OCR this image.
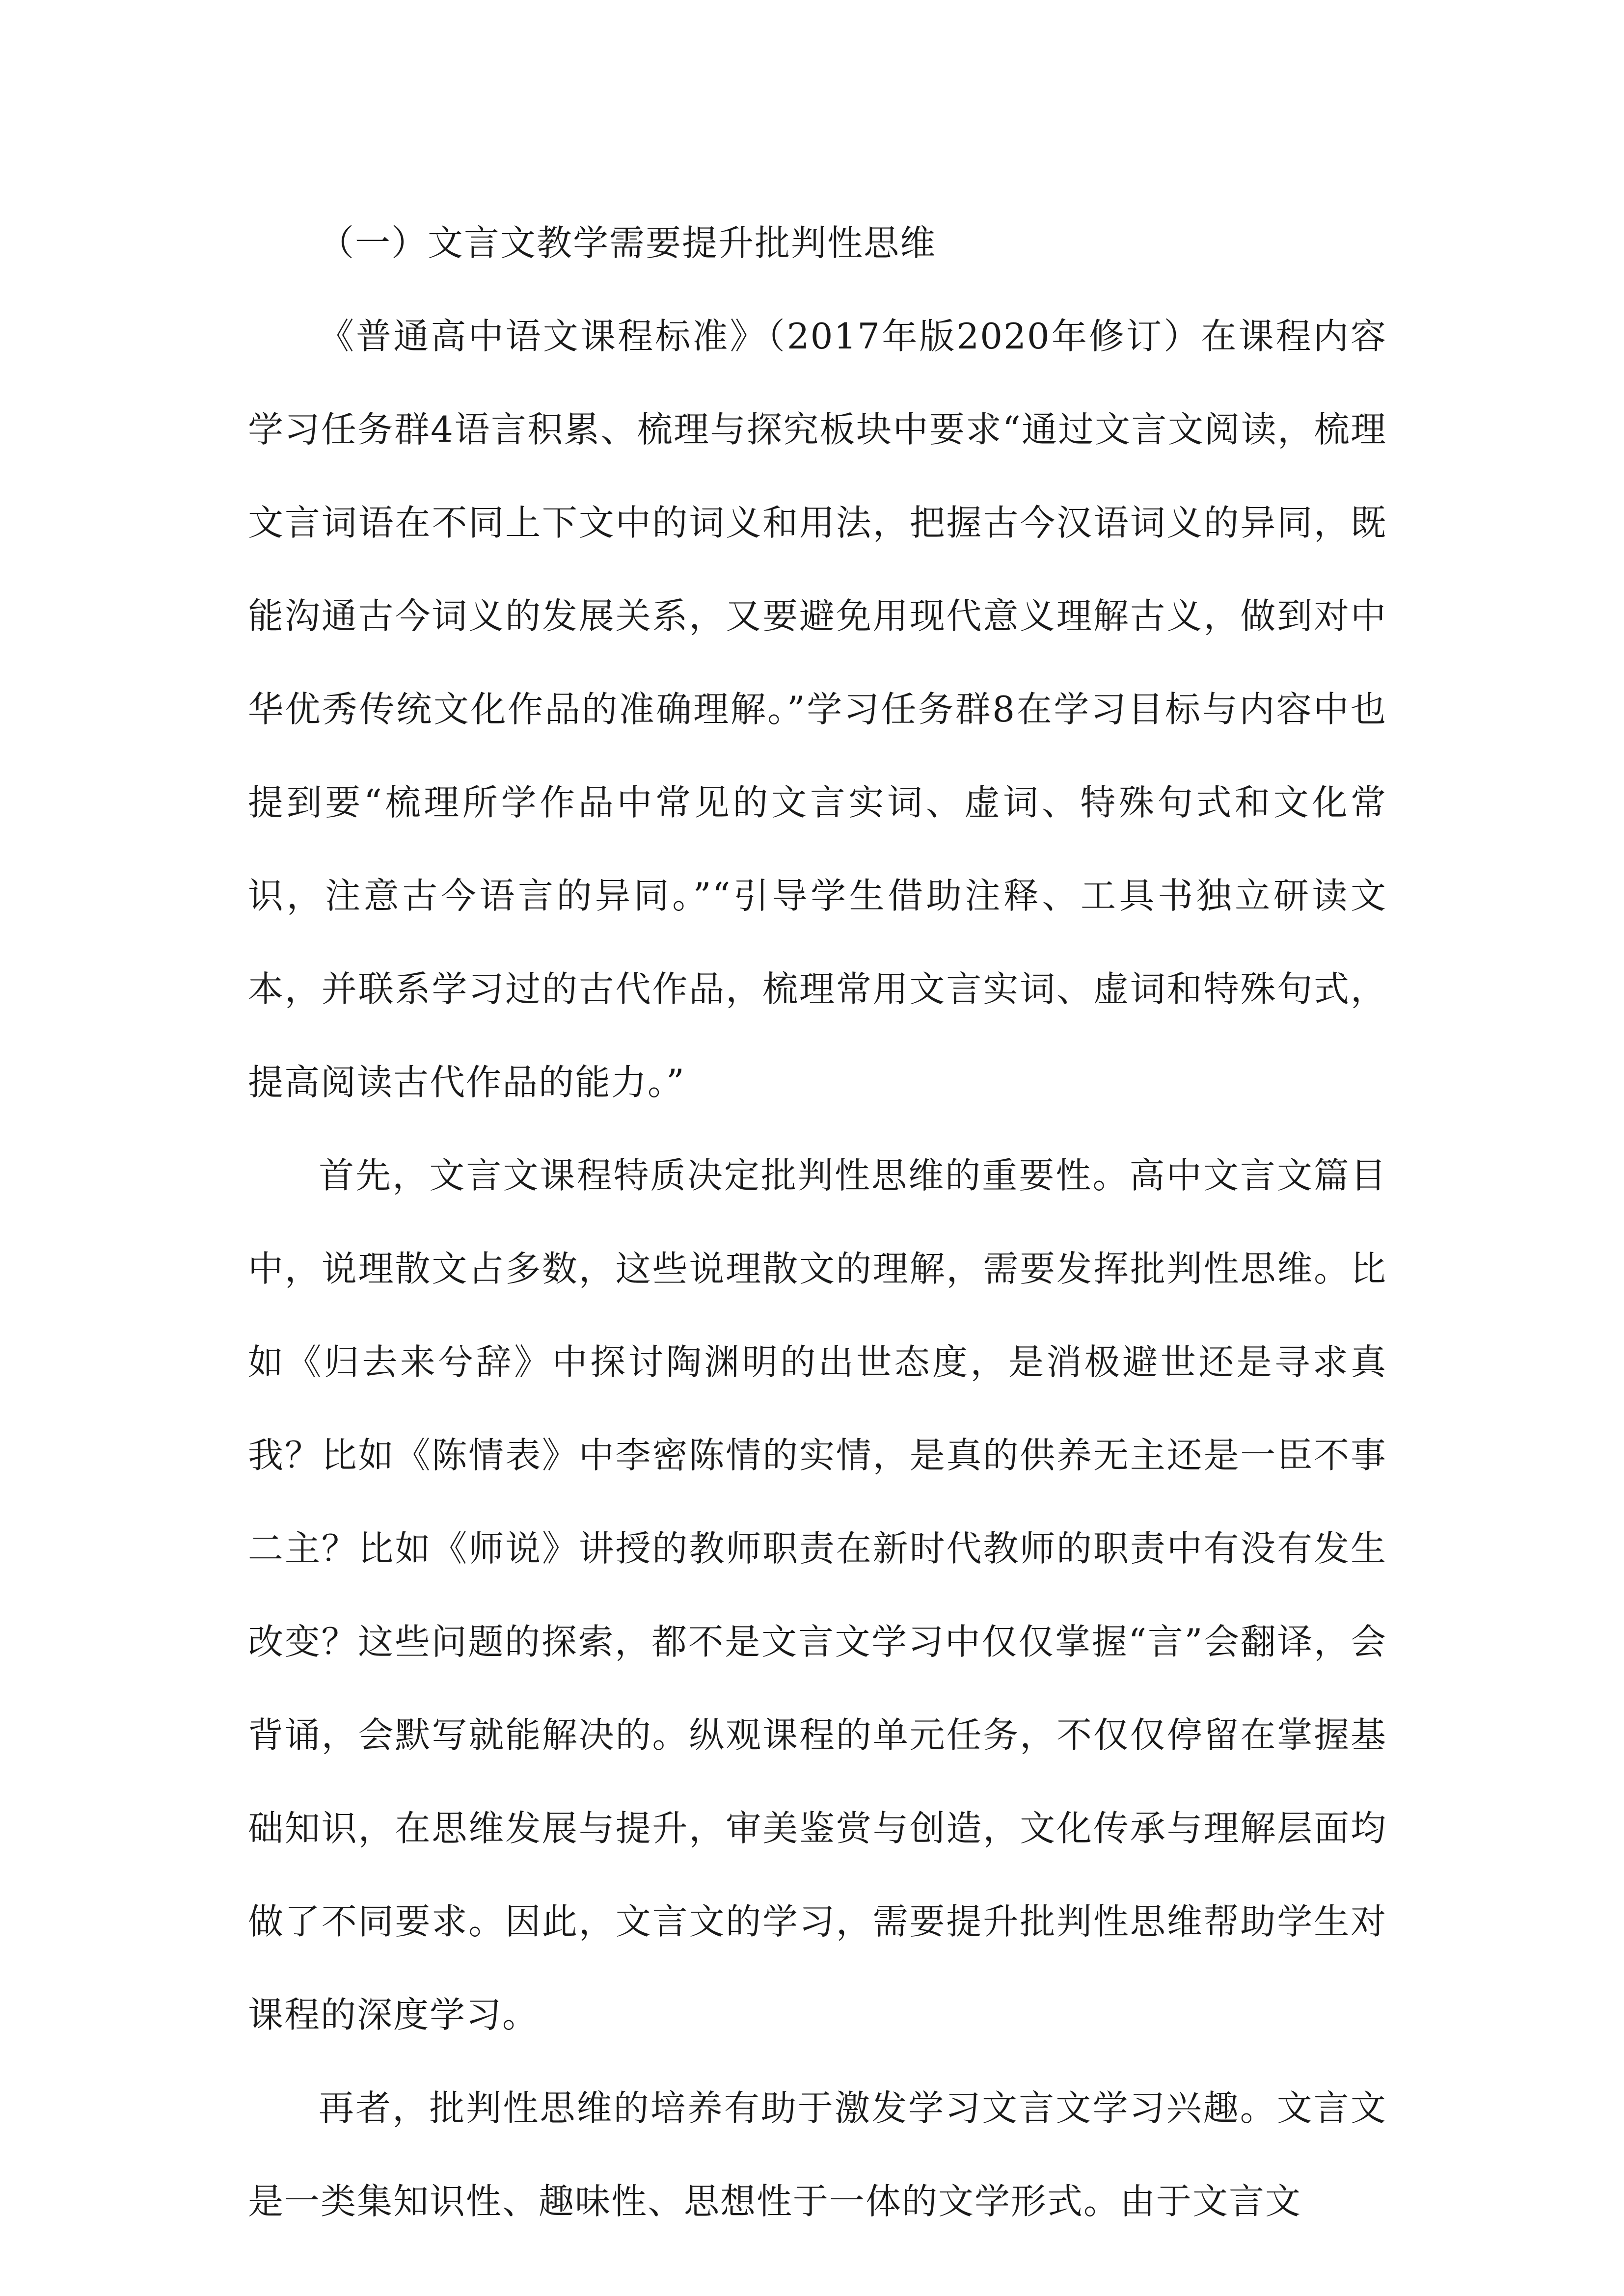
（一）文言文教学需要提升批判性思维

《普通高中语文课程标准》（2017年版2020年修订）在课程内容学习任务群4语言积累、梳理与探究板块中要求“通过文言文阅读，梳理文言词语在不同上下文中的词义和用法，把握古今汉语词义的异同，既能沟通古今词义的发展关系，又要避免用现代意义理解古义，做到对中华优秀传统文化作品的准确理解。”学习任务群8在学习目标与内容中也提到要“梳理所学作品中常见的文言实词、虚词、特殊句式和文化常识，注意古今语言的异同。”“引导学生借助注释、工具书独立研读文本，并联系学习过的古代作品，梳理常用文言实词、虚词和特殊句式，提高阅读古代作品的能力。”

首先，文言文课程特质决定批判性思维的重要性。高中文言文篇目中，说理散文占多数，这些说理散文的理解，需要发挥批判性思维。比如《归去来兮辞》中探讨陶渊明的出世态度，是消极避世还是寻求真我？比如《陈情表》中李密陈情的实情，是真的供养无主还是一臣不事二主？比如《师说》讲授的教师职责在新时代教师的职责中有没有发生改变？这些问题的探索，都不是文言文学习中仅仅掌握“言”会翻译，会背诵，会默写就能解决的。纵观课程的单元任务，不仅仅停留在掌握基础知识，在思维发展与提升，审美鉴赏与创造，文化传承与理解层面均做了不同要求。因此，文言文的学习，需要提升批判性思维帮助学生对课程的深度学习。

再者，批判性思维的培养有助于激发学习文言文学习兴趣。文言文是一类集知识性、趣味性、思想性于一体的文学形式。由于文言文
